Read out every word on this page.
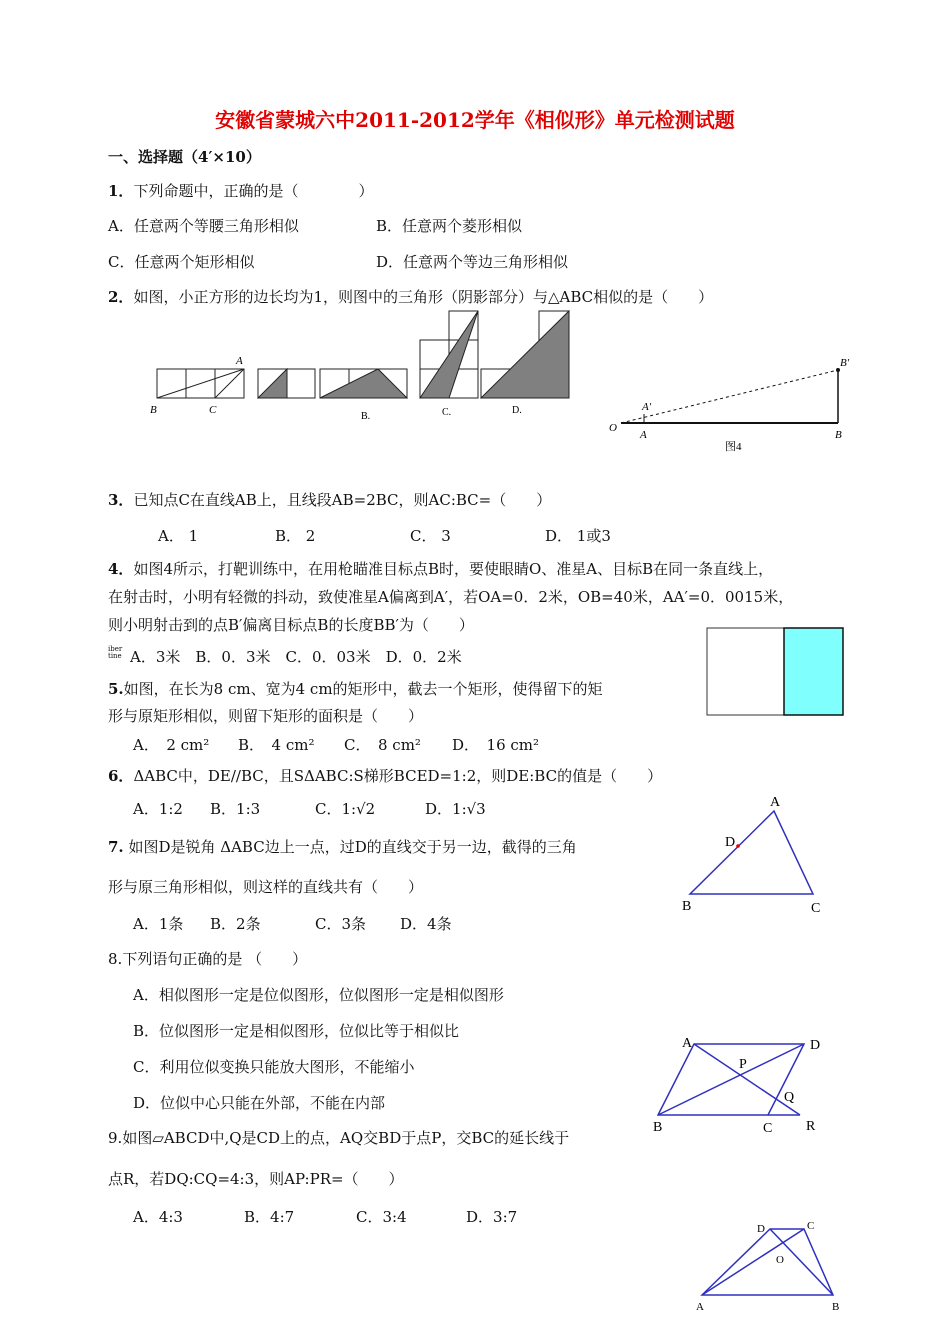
安徽省蒙城六中2011-2012学年《相似形》单元检测试题
一、选择题（4′×10）
1．下列命题中，正确的是（　　　　）
A．任意两个等腰三角形相似	B．任意两个菱形相似
C．任意两个矩形相似	D．任意两个等边三角形相似
2．如图，小正方形的边长均为1，则图中的三角形（阴影部分）与△ABC相似的是（　　）
A
B	C
B.	C.	D.
O
A
A′
B
B′
图4
A
D
B	C
A	D
P
Q
B	C R
D	C
O
A	B
3．已知点C在直线AB上，且线段AB=2BC，则AC:BC=（　　）
A． 1	B． 2	C． 3	D． 1或3
4．如图4所示，打靶训练中，在用枪瞄准目标点B时，要使眼睛O、准星A、目标B在同一条直线上，
在射击时，小明有轻微的抖动，致使准星A偏离到A′，若OA=0．2米，OB=40米，AA′=0．0015米，
则小明射击到的点B′偏离目标点B的长度BB′为（　　）
iber
tine A．3米　B．0．3米　C．0．03米　D．0．2米
5.如图，在长为8 cm、宽为4 cm的矩形中，截去一个矩形，使得留下的矩
形与原矩形相似，则留下矩形的面积是（　　）
A．　2 cm² B．　4 cm² C．　8 cm² D．　16 cm²
6．ΔABC中，DE//BC，且SΔABC:S梯形BCED=1:2，则DE:BC的值是（　　）
A．1:2 B．1:3	C．1:√2	D．1:√3
7. 如图D是锐角 ΔABC边上一点，过D的直线交于另一边，截得的三角
形与原三角形相似，则这样的直线共有（　　）
A．1条 B．2条	C．3条 D．4条
8.下列语句正确的是 （　　）
A．相似图形一定是位似图形，位似图形一定是相似图形
B．位似图形一定是相似图形，位似比等于相似比
C．利用位似变换只能放大图形，不能缩小
D．位似中心只能在外部，不能在内部
9.如图▱ABCD中,Q是CD上的点，AQ交BD于点P，交BC的延长线于
点R，若DQ:CQ=4:3，则AP:PR=（　　）
A．4:3	B．4:7	C．3:4	D．3:7
